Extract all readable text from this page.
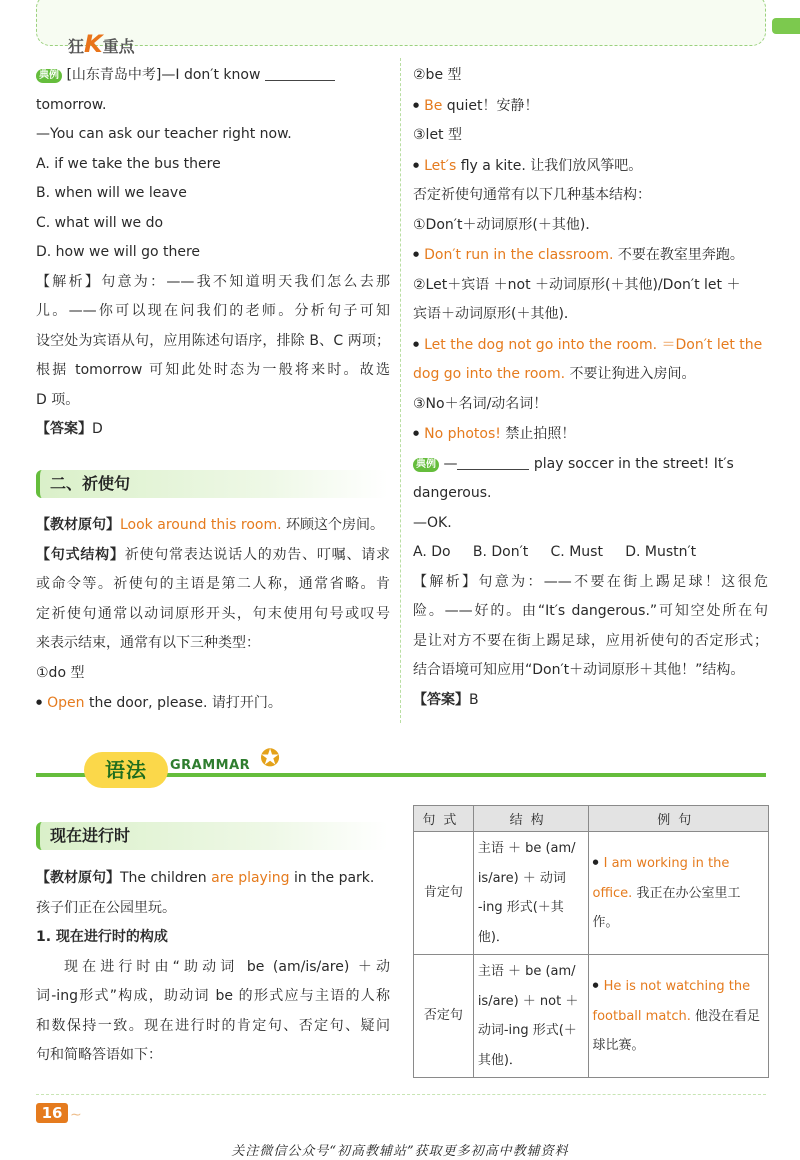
狂K重点

典例 [山东青岛中考]—I don′t know

tomorrow.

—You can ask our teacher right now.

A. if we take the bus there

B. when will we leave

C. what will we do

D. how we will go there

【解析】句意为：——我不知道明天我们怎么去那

儿。——你可以现在问我们的老师。分析句子可知

设空处为宾语从句，应用陈述句语序，排除 B、C 两项；

根据 tomorrow 可知此处时态为一般将来时。故选

D 项。

【答案】D

二、祈使句

【教材原句】Look around this room. 环顾这个房间。

【句式结构】祈使句常表达说话人的劝告、叮嘱、请求

或命令等。祈使句的主语是第二人称，通常省略。肯

定祈使句通常以动词原形开头，句末使用句号或叹号

来表示结束，通常有以下三种类型：

①do 型

● Open the door, please. 请打开门。

②be 型

● Be quiet！安静！

③let 型

● Let′s fly a kite. 让我们放风筝吧。

否定祈使句通常有以下几种基本结构：

①Don′t＋动词原形(＋其他)．

● Don′t run in the classroom. 不要在教室里奔跑。

②Let＋宾语 ＋not ＋动词原形(＋其他)/Don′t let ＋

宾语＋动词原形(＋其他)．

● Let the dog not go into the room. ＝Don′t let the

dog go into the room. 不要让狗进入房间。

③No＋名词/动名词！

● No photos! 禁止拍照！

典例 —	play soccer in the street! It′s

dangerous.

—OK.

A. Do B. Don′t C. Must D. Mustn′t

【解析】句意为：——不要在街上踢足球！这很危

险。——好的。由“It′s dangerous.”可知空处所在句

是让对方不要在街上踢足球，应用祈使句的否定形式；

结合语境可知应用“Don′t＋动词原形＋其他！”结构。

【答案】B

语法	GRAMMAR ✪
现在进行时

【教材原句】The children are playing in the park.

孩子们正在公园里玩。

1. 现在进行时的构成

现在进行时由“助动词 be (am/is/are) ＋动

词-ing形式”构成，助动词 be 的形式应与主语的人称

和数保持一致。现在进行时的肯定句、否定句、疑问

句和简略答语如下：

句式	结构	例句
肯定句	主语 ＋ be (am/
is/are) ＋ 动词
-ing 形式(＋其
他)．
	● I am working in the office. 我正在办公室里工作。
否定句	主语 ＋ be (am/
is/are) ＋ not ＋
动词-ing 形式(＋
其他)．
	● He is not watching the football match. 他没在看足球比赛。
16 ∼
关注微信公众号“初高教辅站”获取更多初高中教辅资料
